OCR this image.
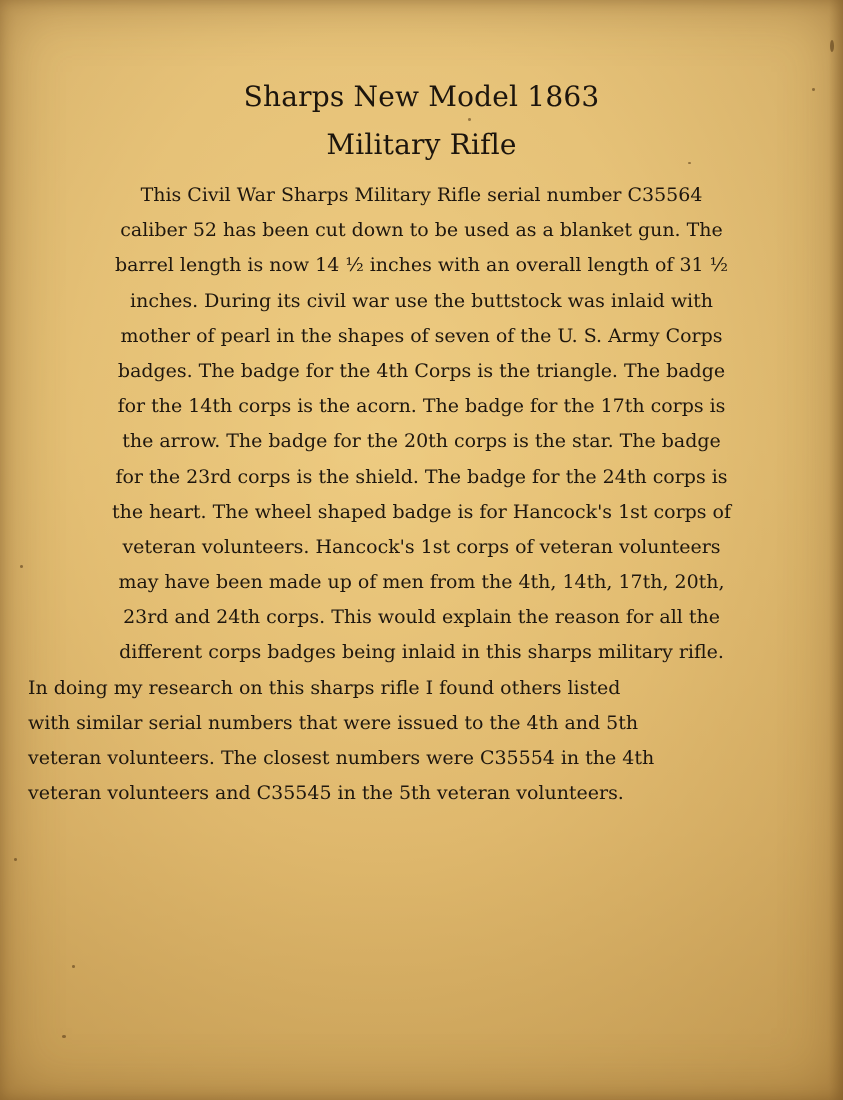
Sharps New Model 1863
Military Rifle
This Civil War Sharps Military Rifle serial number C35564
caliber 52 has been cut down to be used as a blanket gun. The
barrel length is now 14 ½ inches with an overall length of 31 ½
inches. During its civil war use the buttstock was inlaid with
mother of pearl in the shapes of seven of the U. S. Army Corps
badges. The badge for the 4th Corps is the triangle. The badge
for the 14th corps is the acorn. The badge for the 17th corps is
the arrow. The badge for the 20th corps is the star. The badge
for the 23rd corps is the shield. The badge for the 24th corps is
the heart. The wheel shaped badge is for Hancock's 1st corps of
veteran volunteers. Hancock's 1st corps of veteran volunteers
may have been made up of men from the 4th, 14th, 17th, 20th,
23rd and 24th corps. This would explain the reason for all the
different corps badges being inlaid in this sharps military rifle.
In doing my research on this sharps rifle I found others listed
with similar serial numbers that were issued to the 4th and 5th
veteran volunteers. The closest numbers were C35554 in the 4th
veteran volunteers and C35545 in the 5th veteran volunteers.
